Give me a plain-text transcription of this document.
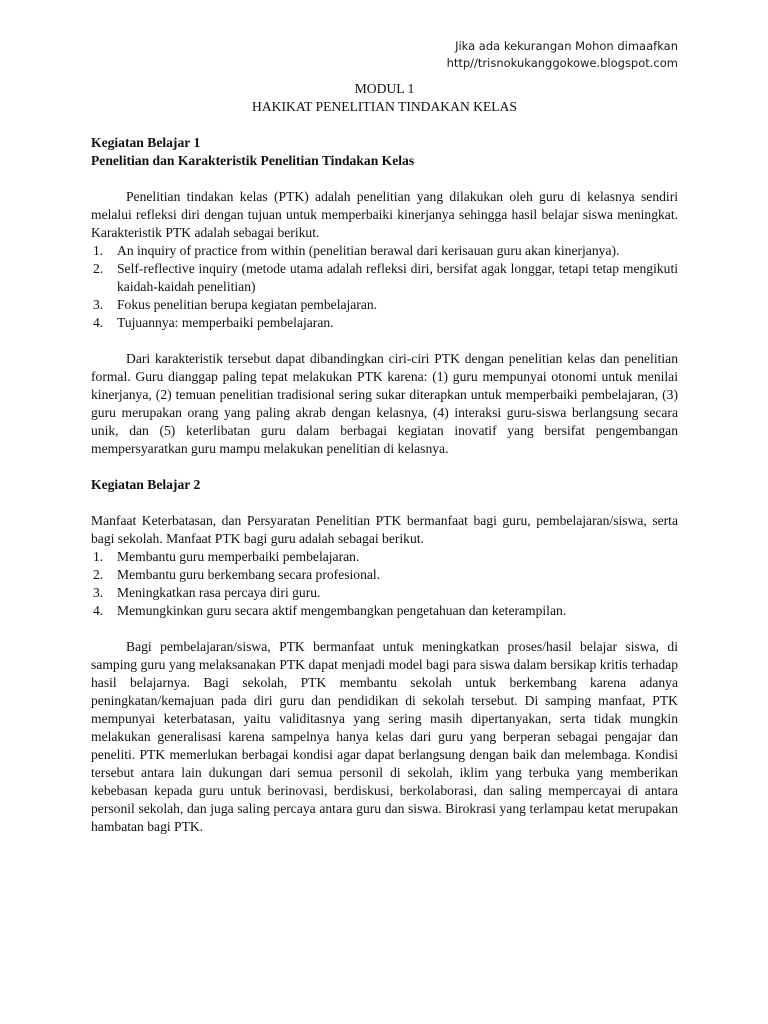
Jika ada kekurangan Mohon dimaafkan
http//trisnokukanggokowe.blogspot.com

MODUL 1

HAKIKAT PENELITIAN TINDAKAN KELAS

Kegiatan Belajar 1

Penelitian dan Karakteristik Penelitian Tindakan Kelas

Penelitian tindakan kelas (PTK) adalah penelitian yang dilakukan oleh guru di kelasnya sendiri melalui refleksi diri dengan tujuan untuk memperbaiki kinerjanya sehingga hasil belajar siswa meningkat. Karakteristik PTK adalah sebagai berikut.

1. An inquiry of practice from within (penelitian berawal dari kerisauan guru akan kinerjanya).
2. Self-reflective inquiry (metode utama adalah refleksi diri, bersifat agak longgar, tetapi tetap mengikuti kaidah-kaidah penelitian)
3. Fokus penelitian berupa kegiatan pembelajaran.
4. Tujuannya: memperbaiki pembelajaran.

Dari karakteristik tersebut dapat dibandingkan ciri-ciri PTK dengan penelitian kelas dan penelitian formal. Guru dianggap paling tepat melakukan PTK karena: (1) guru mempunyai otonomi untuk menilai kinerjanya, (2) temuan penelitian tradisional sering sukar diterapkan untuk memperbaiki pembelajaran, (3) guru merupakan orang yang paling akrab dengan kelasnya, (4) interaksi guru-siswa berlangsung secara unik, dan (5) keterlibatan guru dalam berbagai kegiatan inovatif yang bersifat pengembangan mempersyaratkan guru mampu melakukan penelitian di kelasnya.

Kegiatan Belajar 2

Manfaat Keterbatasan, dan Persyaratan Penelitian PTK bermanfaat bagi guru, pembelajaran/siswa, serta bagi sekolah. Manfaat PTK bagi guru adalah sebagai berikut.

1. Membantu guru memperbaiki pembelajaran.
2. Membantu guru berkembang secara profesional.
3. Meningkatkan rasa percaya diri guru.
4. Memungkinkan guru secara aktif mengembangkan pengetahuan dan keterampilan.

Bagi pembelajaran/siswa, PTK bermanfaat untuk meningkatkan proses/hasil belajar siswa, di samping guru yang melaksanakan PTK dapat menjadi model bagi para siswa dalam bersikap kritis terhadap hasil belajarnya. Bagi sekolah, PTK membantu sekolah untuk berkembang karena adanya peningkatan/kemajuan pada diri guru dan pendidikan di sekolah tersebut. Di samping manfaat, PTK mempunyai keterbatasan, yaitu validitasnya yang sering masih dipertanyakan, serta tidak mungkin melakukan generalisasi karena sampelnya hanya kelas dari guru yang berperan sebagai pengajar dan peneliti. PTK memerlukan berbagai kondisi agar dapat berlangsung dengan baik dan melembaga. Kondisi tersebut antara lain dukungan dari semua personil di sekolah, iklim yang terbuka yang memberikan kebebasan kepada guru untuk berinovasi, berdiskusi, berkolaborasi, dan saling mempercayai di antara personil sekolah, dan juga saling percaya antara guru dan siswa. Birokrasi yang terlampau ketat merupakan hambatan bagi PTK.
